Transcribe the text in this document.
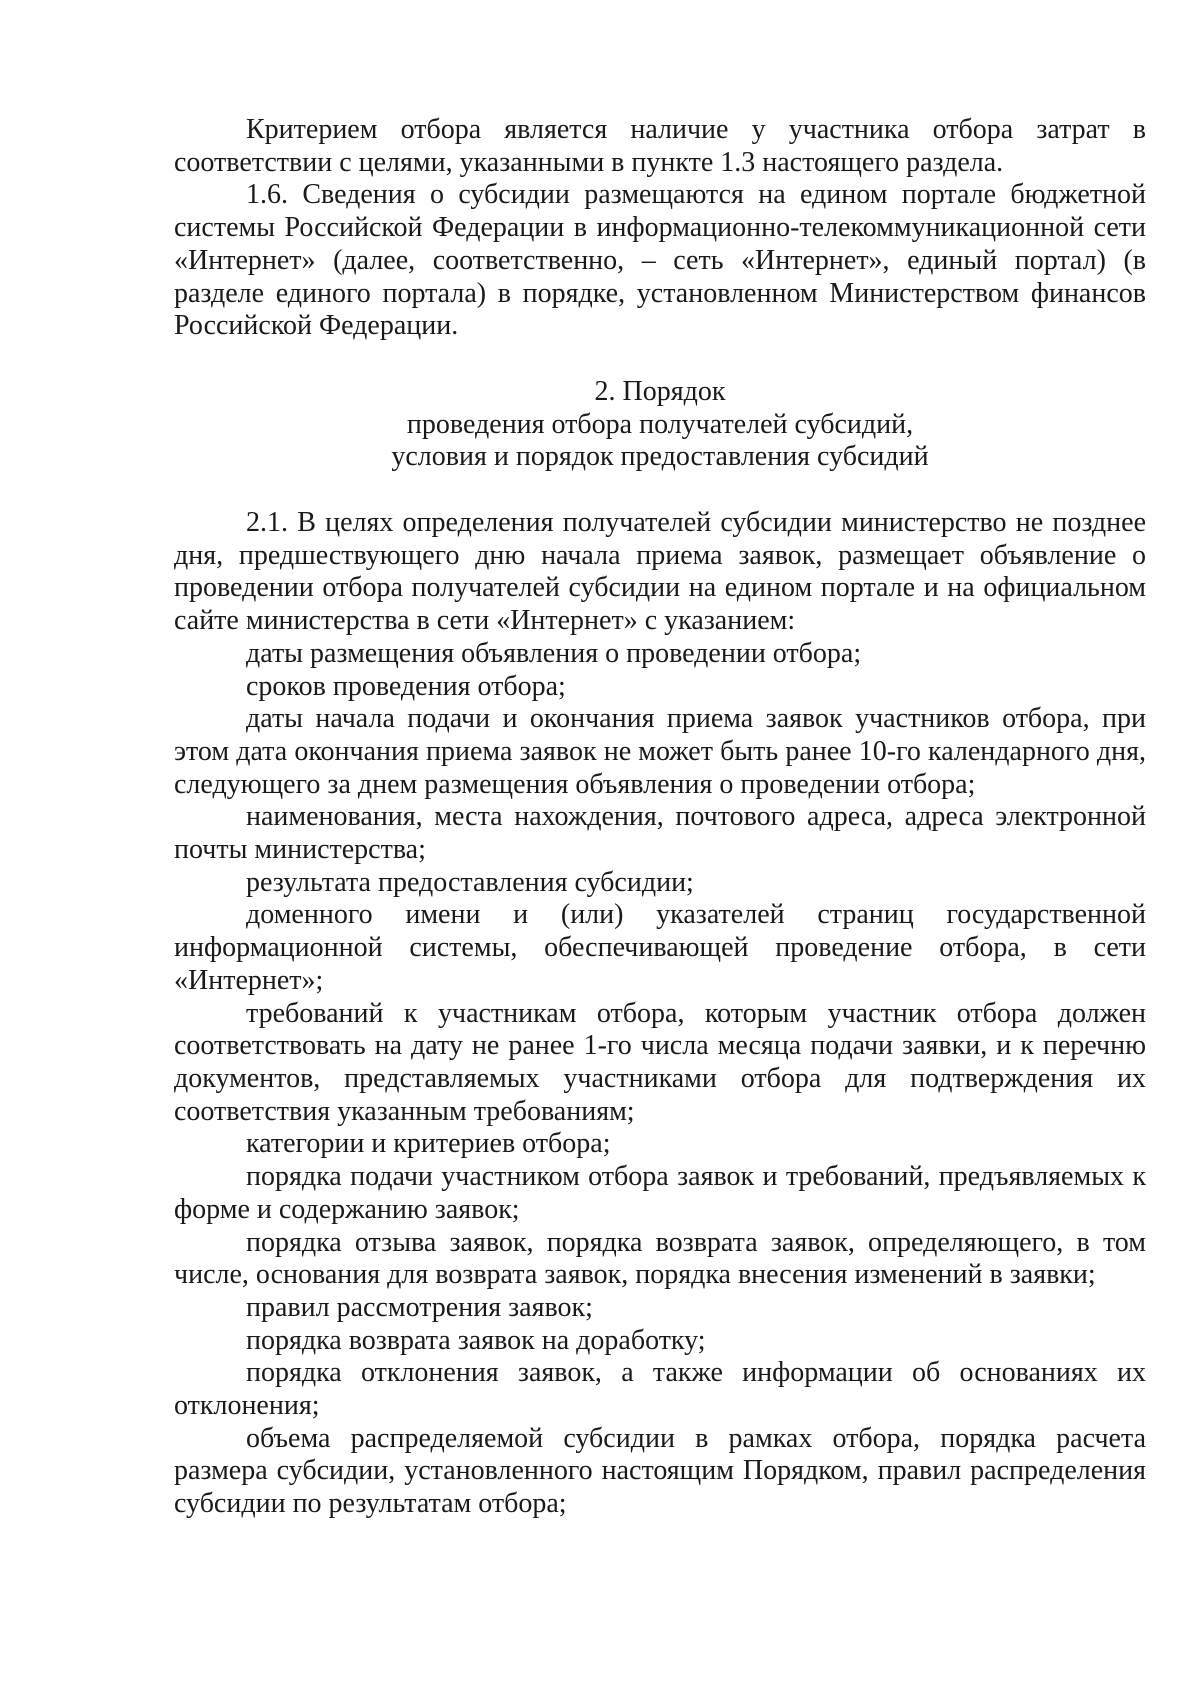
Критерием отбора является наличие у участника отбора затрат в соответствии с целями, указанными в пункте 1.3 настоящего раздела.

1.6. Сведения о субсидии размещаются на едином портале бюджетной системы Российской Федерации в информационно-телекоммуникационной сети «Интернет» (далее, соответственно, – сеть «Интернет», единый портал) (в разделе единого портала) в порядке, установленном Министерством финансов Российской Федерации.

2. Порядок

проведения отбора получателей субсидий,

условия и порядок предоставления субсидий

2.1. В целях определения получателей субсидии министерство не позднее дня, предшествующего дню начала приема заявок, размещает объявление о проведении отбора получателей субсидии на едином портале и на официальном сайте министерства в сети «Интернет» с указанием:

даты размещения объявления о проведении отбора;

сроков проведения отбора;

даты начала подачи и окончания приема заявок участников отбора, при этом дата окончания приема заявок не может быть ранее 10-го календарного дня, следующего за днем размещения объявления о проведении отбора;

наименования, места нахождения, почтового адреса, адреса электронной почты министерства;

результата предоставления субсидии;

доменного имени и (или) указателей страниц государственной информационной системы, обеспечивающей проведение отбора, в сети «Интернет»;

требований к участникам отбора, которым участник отбора должен соответствовать на дату не ранее 1-го числа месяца подачи заявки, и к перечню документов, представляемых участниками отбора для подтверждения их соответствия указанным требованиям;

категории и критериев отбора;

порядка подачи участником отбора заявок и требований, предъявляемых к форме и содержанию заявок;

порядка отзыва заявок, порядка возврата заявок, определяющего, в том числе, основания для возврата заявок, порядка внесения изменений в заявки;

правил рассмотрения заявок;

порядка возврата заявок на доработку;

порядка отклонения заявок, а также информации об основаниях их отклонения;

объема распределяемой субсидии в рамках отбора, порядка расчета размера субсидии, установленного настоящим Порядком, правил распределения субсидии по результатам отбора;
